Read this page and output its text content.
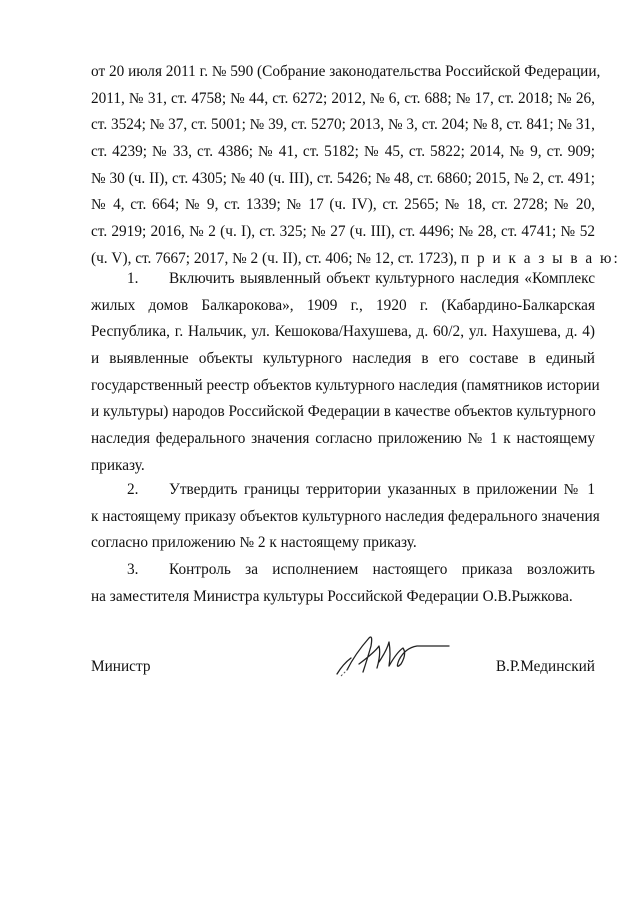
от 20 июля 2011 г. № 590 (Собрание законодательства Российской Федерации,
2011, № 31, ст. 4758; № 44, ст. 6272; 2012, № 6, ст. 688; № 17, ст. 2018; № 26,
ст. 3524; № 37, ст. 5001; № 39, ст. 5270; 2013, № 3, ст. 204; № 8, ст. 841; № 31,
ст. 4239; № 33, ст. 4386; № 41, ст. 5182; № 45, ст. 5822; 2014, № 9, ст. 909;
№ 30 (ч. II), ст. 4305; № 40 (ч. III), ст. 5426; № 48, ст. 6860; 2015, № 2, ст. 491;
№ 4, ст. 664; № 9, ст. 1339; № 17 (ч. IV), ст. 2565; № 18, ст. 2728; № 20,
ст. 2919; 2016, № 2 (ч. I), ст. 325; № 27 (ч. III), ст. 4496; № 28, ст. 4741; № 52
(ч. V), ст. 7667; 2017, № 2 (ч. II), ст. 406; № 12, ст. 1723), п р и к а з ы в а ю:
1. Включить выявленный объект культурного наследия «Комплекс
жилых домов Балкарокова», 1909 г., 1920 г. (Кабардино-Балкарская
Республика, г. Нальчик, ул. Кешокова/Нахушева, д. 60/2, ул. Нахушева, д. 4)
и выявленные объекты культурного наследия в его составе в единый
государственный реестр объектов культурного наследия (памятников истории
и культуры) народов Российской Федерации в качестве объектов культурного
наследия федерального значения согласно приложению № 1 к настоящему
приказу.
2. Утвердить границы территории указанных в приложении № 1
к настоящему приказу объектов культурного наследия федерального значения
согласно приложению № 2 к настоящему приказу.
3. Контроль за исполнением настоящего приказа возложить
на заместителя Министра культуры Российской Федерации О.В.Рыжкова.
Министр	В.Р.Мединский
